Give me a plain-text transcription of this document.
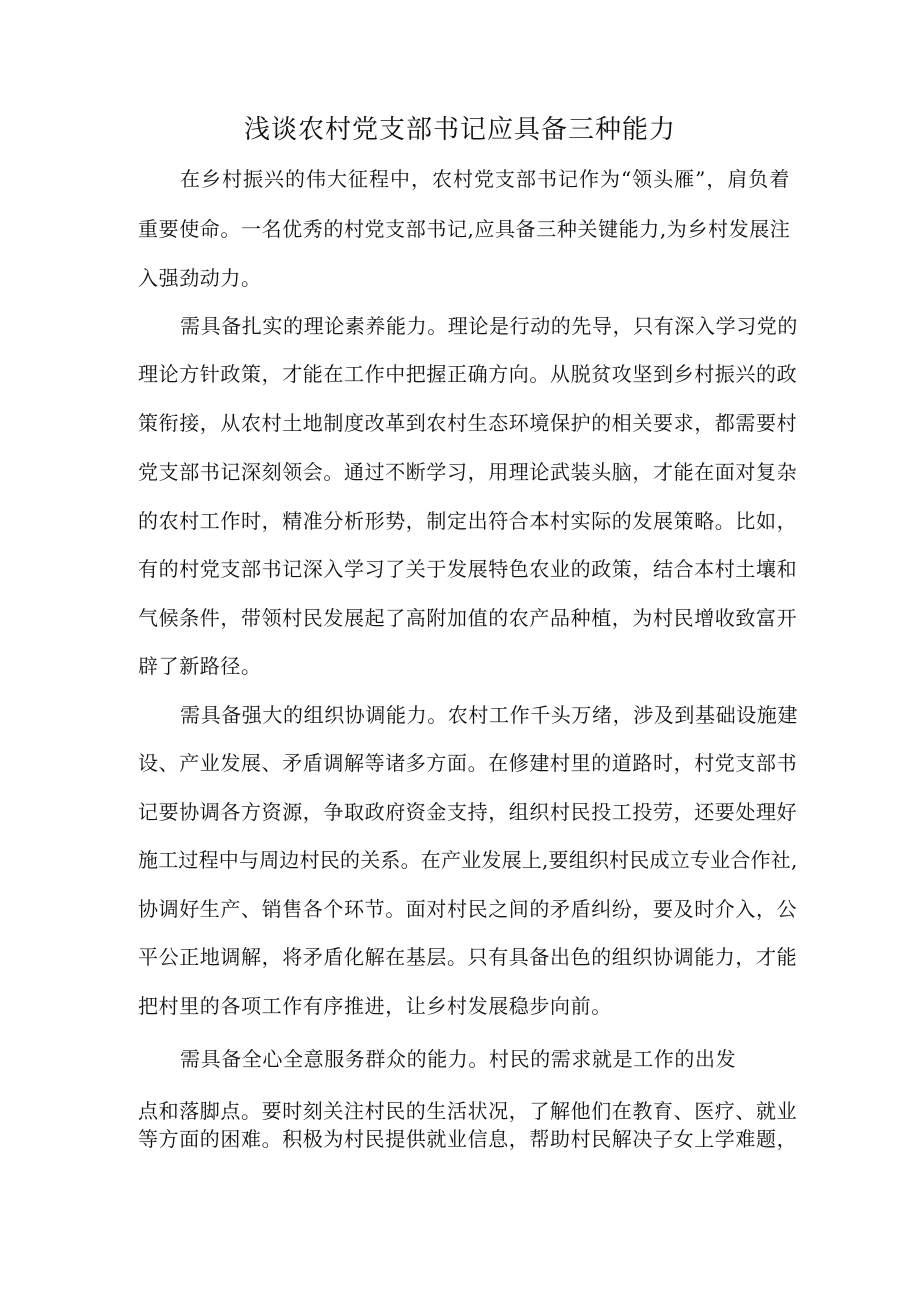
浅谈农村党支部书记应具备三种能力
在乡村振兴的伟大征程中，农村党支部书记作为“领头雁”，肩负着
重要使命。一名优秀的村党支部书记,应具备三种关键能力,为乡村发展注
入强劲动力。
需具备扎实的理论素养能力。理论是行动的先导，只有深入学习党的
理论方针政策，才能在工作中把握正确方向。从脱贫攻坚到乡村振兴的政
策衔接，从农村土地制度改革到农村生态环境保护的相关要求，都需要村
党支部书记深刻领会。通过不断学习，用理论武装头脑，才能在面对复杂
的农村工作时，精准分析形势，制定出符合本村实际的发展策略。比如，
有的村党支部书记深入学习了关于发展特色农业的政策，结合本村土壤和
气候条件，带领村民发展起了高附加值的农产品种植，为村民增收致富开
辟了新路径。
需具备强大的组织协调能力。农村工作千头万绪，涉及到基础设施建
设、产业发展、矛盾调解等诸多方面。在修建村里的道路时，村党支部书
记要协调各方资源，争取政府资金支持，组织村民投工投劳，还要处理好
施工过程中与周边村民的关系。在产业发展上,要组织村民成立专业合作社,
协调好生产、销售各个环节。面对村民之间的矛盾纠纷，要及时介入，公
平公正地调解，将矛盾化解在基层。只有具备出色的组织协调能力，才能
把村里的各项工作有序推进，让乡村发展稳步向前。
需具备全心全意服务群众的能力。村民的需求就是工作的出发
点和落脚点。要时刻关注村民的生活状况，了解他们在教育、医疗、就业
等方面的困难。积极为村民提供就业信息，帮助村民解决子女上学难题，
